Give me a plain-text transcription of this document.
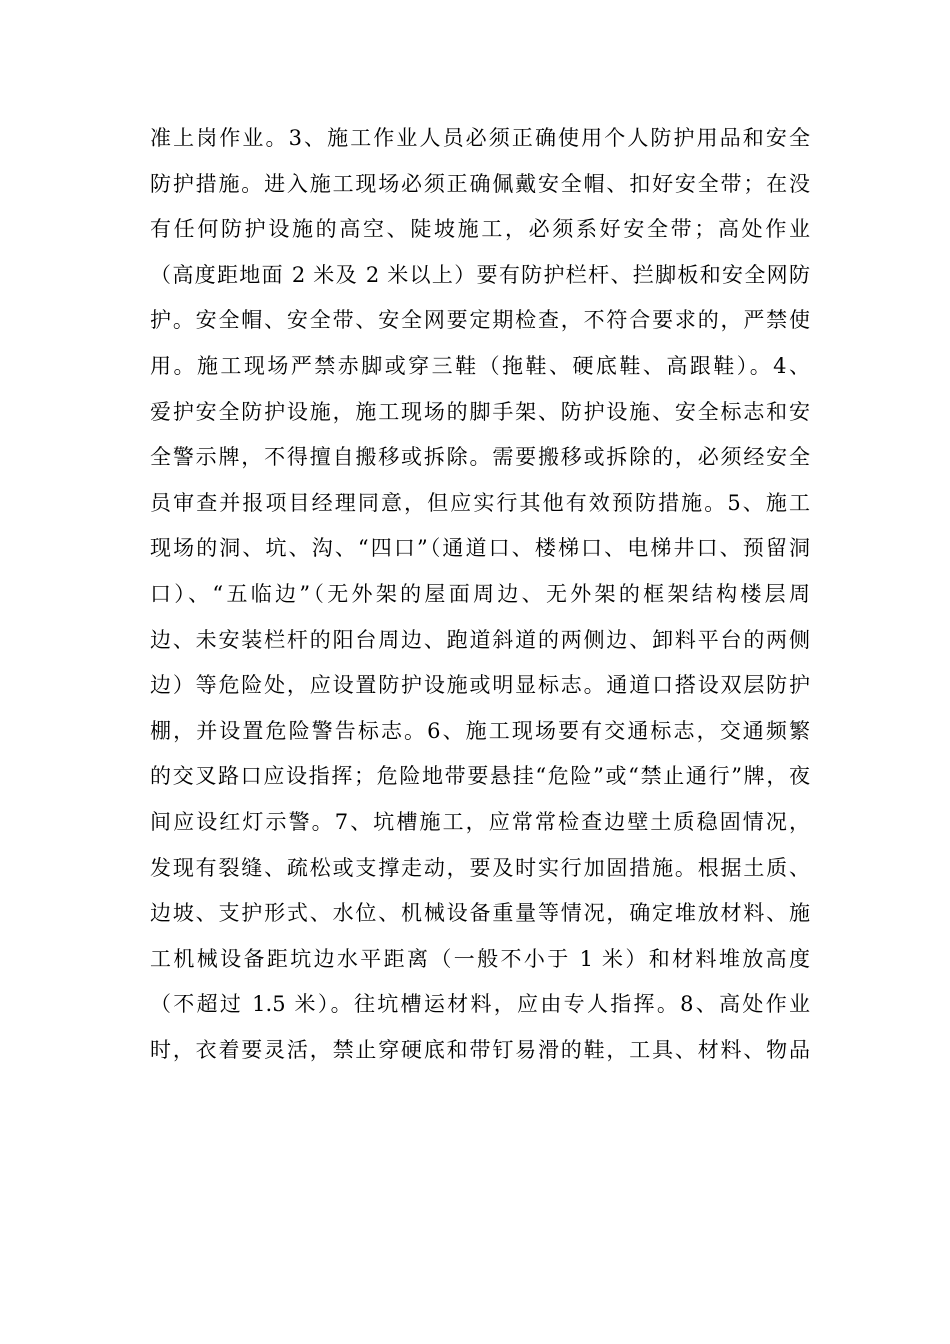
准上岗作业。3、施工作业人员必须正确使用个人防护用品和安全
防护措施。进入施工现场必须正确佩戴安全帽、扣好安全带；在没
有任何防护设施的高空、陡坡施工，必须系好安全带；高处作业
（高度距地面 2 米及 2 米以上）要有防护栏杆、拦脚板和安全网防
护。安全帽、安全带、安全网要定期检查，不符合要求的，严禁使
用。施工现场严禁赤脚或穿三鞋（拖鞋、硬底鞋、高跟鞋）。4、
爱护安全防护设施，施工现场的脚手架、防护设施、安全标志和安
全警示牌，不得擅自搬移或拆除。需要搬移或拆除的，必须经安全
员审查并报项目经理同意，但应实行其他有效预防措施。5、施工
现场的洞、坑、沟、“四口”（通道口、楼梯口、电梯井口、预留洞
口）、“五临边”（无外架的屋面周边、无外架的框架结构楼层周
边、未安装栏杆的阳台周边、跑道斜道的两侧边、卸料平台的两侧
边）等危险处，应设置防护设施或明显标志。通道口搭设双层防护
棚，并设置危险警告标志。6、施工现场要有交通标志，交通频繁
的交叉路口应设指挥；危险地带要悬挂“危险”或“禁止通行”牌，夜
间应设红灯示警。7、坑槽施工，应常常检查边壁土质稳固情况，
发现有裂缝、疏松或支撑走动，要及时实行加固措施。根据土质、
边坡、支护形式、水位、机械设备重量等情况，确定堆放材料、施
工机械设备距坑边水平距离（一般不小于 1 米）和材料堆放高度
（不超过 1.5 米）。往坑槽运材料，应由专人指挥。8、高处作业
时，衣着要灵活，禁止穿硬底和带钉易滑的鞋，工具、材料、物品
